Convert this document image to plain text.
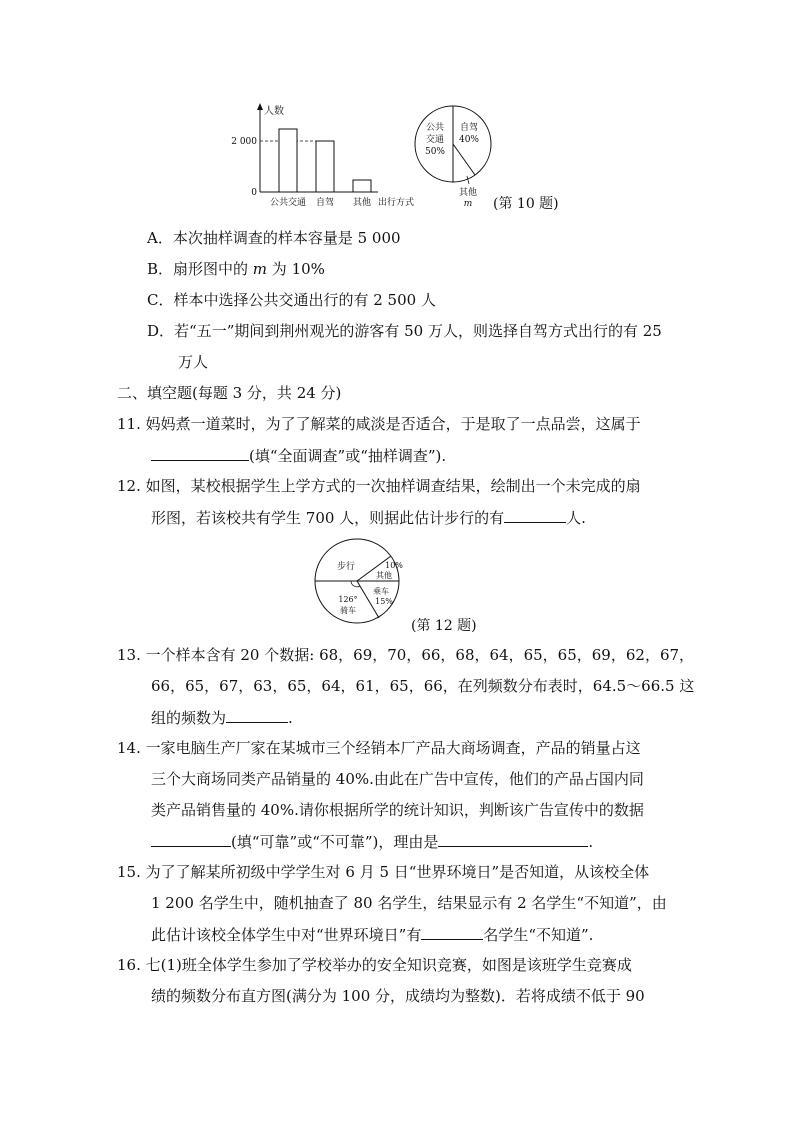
人数
2 000
0
公共交通 自驾 其他 出行方式
公共
交通
50%
自驾
40%
其他
m (第 10 题)
A．本次抽样调查的样本容量是 5 000
B．扇形图中的 m 为 10%
C．样本中选择公共交通出行的有 2 500 人
D．若“五一”期间到荆州观光的游客有 50 万人，则选择自驾方式出行的有 25
万人
二、填空题(每题 3 分，共 24 分)
11. 妈妈煮一道菜时，为了了解菜的咸淡是否适合，于是取了一点品尝，这属于
(填“全面调查”或“抽样调查”).
12. 如图，某校根据学生上学方式的一次抽样调查结果，绘制出一个未完成的扇
形图，若该校共有学生 700 人，则据此估计步行的有	人.
步行	10%
其他
乘车
15%
126°
骑车
(第 12 题)
13. 一个样本含有 20 个数据: 68，69，70，66，68，64，65，65，69，62，67，
66，65，67，63，65，64，61，65，66，在列频数分布表时，64.5～66.5 这
组的频数为	.
14. 一家电脑生产厂家在某城市三个经销本厂产品大商场调查，产品的销量占这
三个大商场同类产品销量的 40%.由此在广告中宣传，他们的产品占国内同
类产品销售量的 40%.请你根据所学的统计知识，判断该广告宣传中的数据
(填“可靠”或“不可靠”)，理由是	.
15. 为了了解某所初级中学学生对 6 月 5 日“世界环境日”是否知道，从该校全体
1 200 名学生中，随机抽查了 80 名学生，结果显示有 2 名学生“不知道”，由
此估计该校全体学生中对“世界环境日”有	名学生“不知道”.
16. 七(1)班全体学生参加了学校举办的安全知识竞赛，如图是该班学生竞赛成
绩的频数分布直方图(满分为 100 分，成绩均为整数)．若将成绩不低于 90
